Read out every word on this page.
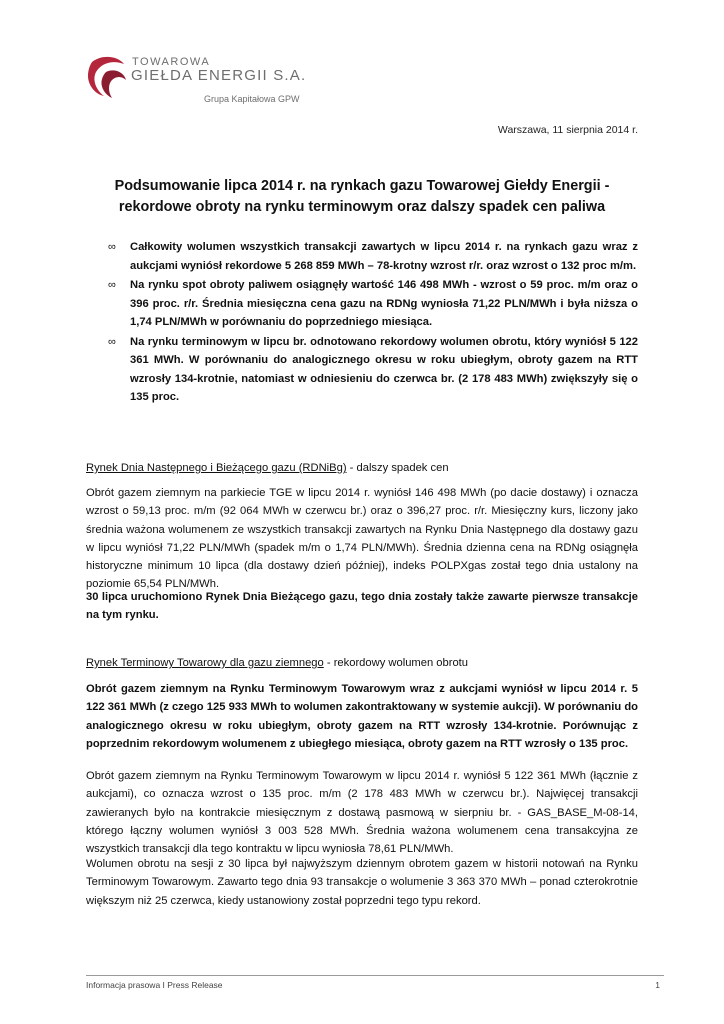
TOWAROWA
GIEŁDA ENERGII S.A.
Grupa Kapitałowa GPW
Warszawa, 11 sierpnia 2014 r.
Podsumowanie lipca 2014 r. na rynkach gazu Towarowej Giełdy Energii - rekordowe obroty na rynku terminowym oraz dalszy spadek cen paliwa
∞ Całkowity wolumen wszystkich transakcji zawartych w lipcu 2014 r. na rynkach gazu wraz z aukcjami wyniósł rekordowe 5 268 859 MWh – 78-krotny wzrost r/r. oraz wzrost o 132 proc m/m.
∞ Na rynku spot obroty paliwem osiągnęły wartość 146 498 MWh - wzrost o 59 proc. m/m oraz o 396 proc. r/r. Średnia miesięczna cena gazu na RDNg wyniosła 71,22 PLN/MWh i była niższa o 1,74 PLN/MWh w porównaniu do poprzedniego miesiąca.
∞ Na rynku terminowym w lipcu br. odnotowano rekordowy wolumen obrotu, który wyniósł 5 122 361 MWh. W porównaniu do analogicznego okresu w roku ubiegłym, obroty gazem na RTT wzrosły 134-krotnie, natomiast w odniesieniu do czerwca br. (2 178 483 MWh) zwiększyły się o 135 proc.
Rynek Dnia Następnego i Bieżącego gazu (RDNiBg) - dalszy spadek cen

Obrót gazem ziemnym na parkiecie TGE w lipcu 2014 r. wyniósł 146 498 MWh (po dacie dostawy) i oznacza wzrost o 59,13 proc. m/m (92 064 MWh w czerwcu br.) oraz o 396,27 proc. r/r. Miesięczny kurs, liczony jako średnia ważona wolumenem ze wszystkich transakcji zawartych na Rynku Dnia Następnego dla dostawy gazu w lipcu wyniósł 71,22 PLN/MWh (spadek m/m o 1,74 PLN/MWh). Średnia dzienna cena na RDNg osiągnęła historyczne minimum 10 lipca (dla dostawy dzień później), indeks POLPXgas został tego dnia ustalony na poziomie 65,54 PLN/MWh.

30 lipca uruchomiono Rynek Dnia Bieżącego gazu, tego dnia zostały także zawarte pierwsze transakcje na tym rynku.

Rynek Terminowy Towarowy dla gazu ziemnego - rekordowy wolumen obrotu

Obrót gazem ziemnym na Rynku Terminowym Towarowym wraz z aukcjami wyniósł w lipcu 2014 r. 5 122 361 MWh (z czego 125 933 MWh to wolumen zakontraktowany w systemie aukcji). W porównaniu do analogicznego okresu w roku ubiegłym, obroty gazem na RTT wzrosły 134-krotnie. Porównując z poprzednim rekordowym wolumenem z ubiegłego miesiąca, obroty gazem na RTT wzrosły o 135 proc.

Obrót gazem ziemnym na Rynku Terminowym Towarowym w lipcu 2014 r. wyniósł 5 122 361 MWh (łącznie z aukcjami), co oznacza wzrost o 135 proc. m/m (2 178 483 MWh w czerwcu br.). Najwięcej transakcji zawieranych było na kontrakcie miesięcznym z dostawą pasmową w sierpniu br. - GAS_BASE_M-08-14, którego łączny wolumen wyniósł 3 003 528 MWh. Średnia ważona wolumenem cena transakcyjna ze wszystkich transakcji dla tego kontraktu w lipcu wyniosła 78,61 PLN/MWh.

Wolumen obrotu na sesji z 30 lipca był najwyższym dziennym obrotem gazem w historii notowań na Rynku Terminowym Towarowym. Zawarto tego dnia 93 transakcje o wolumenie 3 363 370 MWh – ponad czterokrotnie większym niż 25 czerwca, kiedy ustanowiony został poprzedni tego typu rekord.

Informacja prasowa I Press Release	1
